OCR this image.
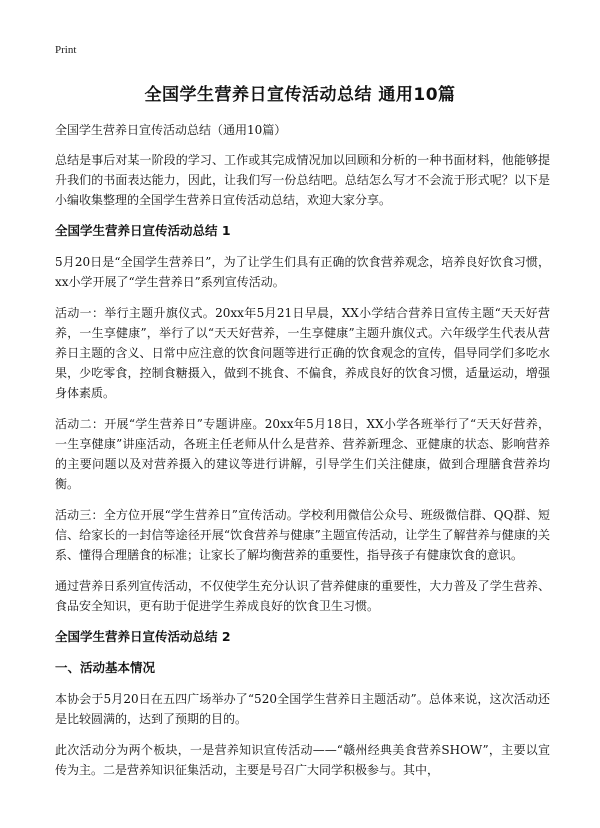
Print
全国学生营养日宣传活动总结 通用10篇

全国学生营养日宣传活动总结（通用10篇）

总结是事后对某一阶段的学习、工作或其完成情况加以回顾和分析的一种书面材料，他能够提升我们的书面表达能力，因此，让我们写一份总结吧。总结怎么写才不会流于形式呢？以下是小编收集整理的全国学生营养日宣传活动总结，欢迎大家分享。

全国学生营养日宣传活动总结 1

5月20日是“全国学生营养日”，为了让学生们具有正确的饮食营养观念，培养良好饮食习惯，xx小学开展了“学生营养日”系列宣传活动。

活动一：举行主题升旗仪式。20xx年5月21日早晨，XX小学结合营养日宣传主题“天天好营养，一生享健康”，举行了以“天天好营养，一生享健康”主题升旗仪式。六年级学生代表从营养日主题的含义、日常中应注意的饮食问题等进行正确的饮食观念的宣传，倡导同学们多吃水果，少吃零食，控制食糖摄入，做到不挑食、不偏食，养成良好的饮食习惯，适量运动，增强身体素质。

活动二：开展“学生营养日”专题讲座。20xx年5月18日，XX小学各班举行了“天天好营养，一生享健康”讲座活动，各班主任老师从什么是营养、营养新理念、亚健康的状态、影响营养的主要问题以及对营养摄入的建议等进行讲解，引导学生们关注健康，做到合理膳食营养均衡。

活动三：全方位开展“学生营养日”宣传活动。学校利用微信公众号、班级微信群、QQ群、短信、给家长的一封信等途径开展“饮食营养与健康”主题宣传活动，让学生了解营养与健康的关系、懂得合理膳食的标准；让家长了解均衡营养的重要性，指导孩子有健康饮食的意识。

通过营养日系列宣传活动，不仅使学生充分认识了营养健康的重要性，大力普及了学生营养、食品安全知识，更有助于促进学生养成良好的饮食卫生习惯。

全国学生营养日宣传活动总结 2
一、活动基本情况

本协会于5月20日在五四广场举办了“520全国学生营养日主题活动”。总体来说，这次活动还是比较圆满的，达到了预期的目的。

此次活动分为两个板块，一是营养知识宣传活动——“赣州经典美食营养SHOW”，主要以宣传为主。二是营养知识征集活动，主要是号召广大同学积极参与。其中，
